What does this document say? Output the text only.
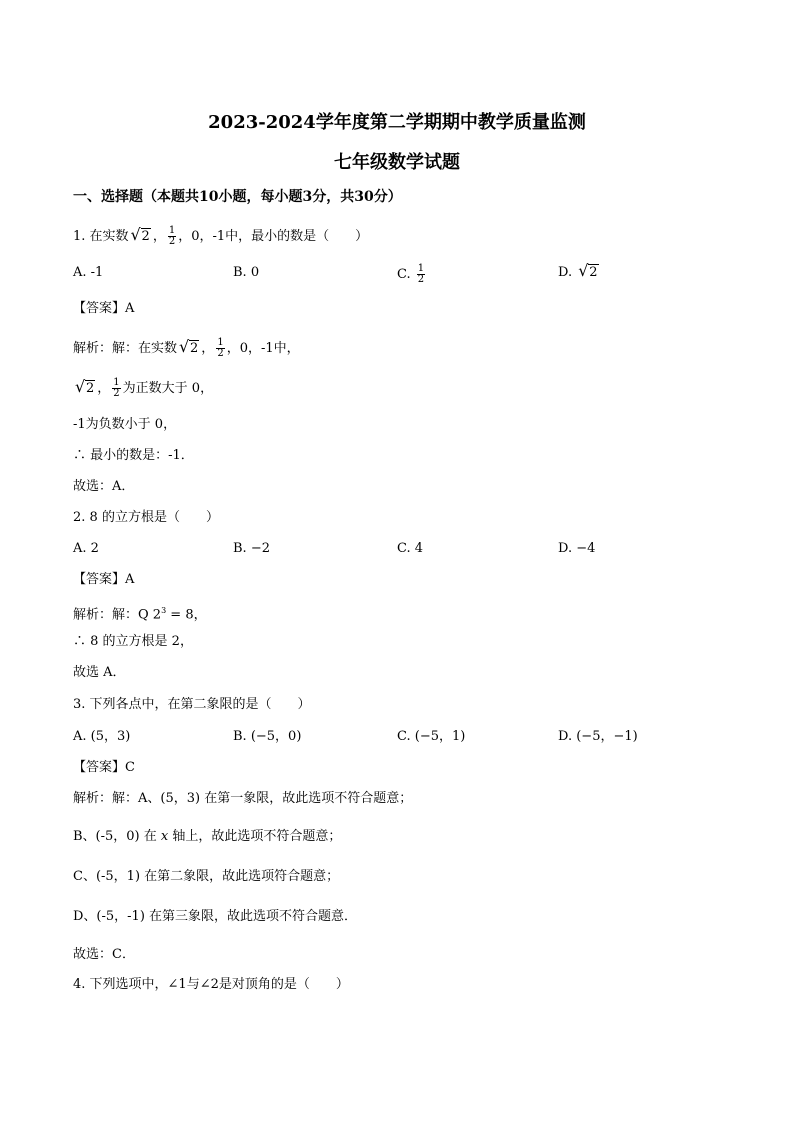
2023-2024学年度第二学期期中教学质量监测
七年级数学试题
一、选择题（本题共10小题，每小题3分，共30分）
1. 在实数 √ 2 ， $\frac{1}{2}$ ，0，-1中，最小的数是（　　）
A. -1	B. 0	C. $\frac{1}{2}$	D. √ 2
【答案】A
解析：解：在实数 √ 2 ， $\frac{1}{2}$ ，0，-1中，
√ 2 ， $\frac{1}{2}$ 为正数大于 0，
-1为负数小于 0，
∴ 最小的数是：-1．
故选：A．
2. 8 的立方根是（　　）
A. 2	B. −2	C. 4	D. −4
【答案】A
解析：解：Q $2^3 = 8$，
∴ 8 的立方根是 2，
故选 A．
3. 下列各点中，在第二象限的是（　　）
A. (5，3)	B. (−5，0)	C. (−5，1)	D. (−5，−1)
【答案】C
解析：解：A、(5，3) 在第一象限，故此选项不符合题意；
B、(-5，0) 在 x 轴上，故此选项不符合题意；
C、(-5，1) 在第二象限，故此选项符合题意；
D、(-5，-1) 在第三象限，故此选项不符合题意．
故选：C．
4. 下列选项中，∠1与∠2是对顶角的是（　　）
